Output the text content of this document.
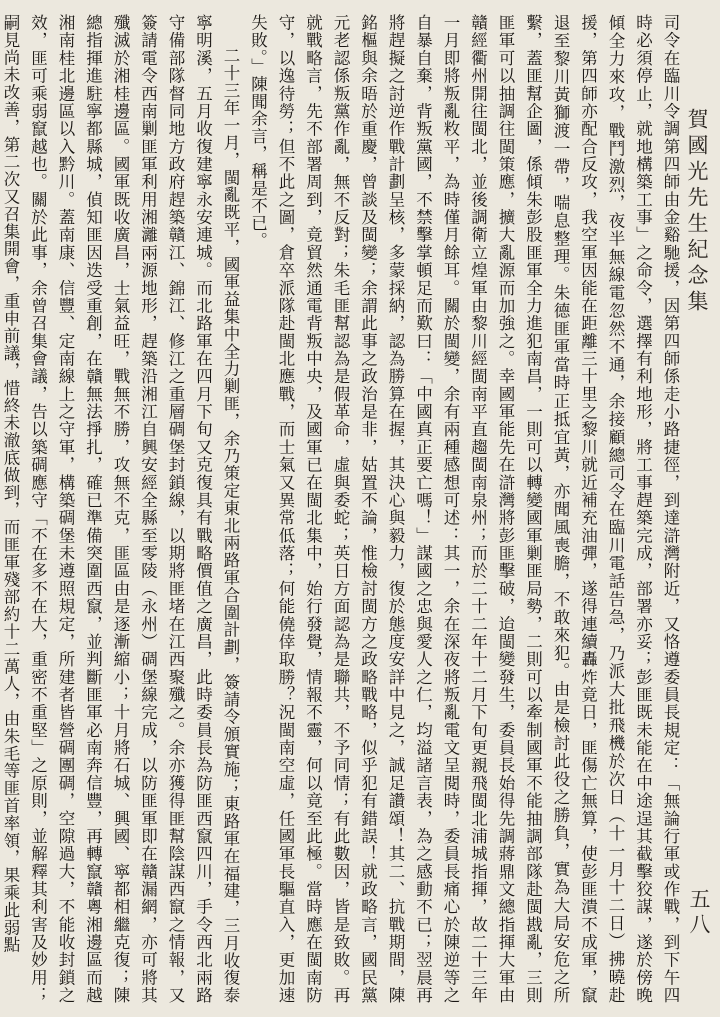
賀國光先生紀念集
五八

司令在臨川令調第四師由金谿馳援，因第四師係走小路捷徑，到達滸灣附近，又恪遵委員長規定：「無論行軍或作戰，到下午四時必須停止，就地構築工事」之命令，選擇有利地形，將工事趕築完成，部署亦妥；彭匪既未能在中途逞其截擊狡謀，遂於傍晚傾全力來攻，戰鬥激烈，夜半無線電忽然不通，余接顧總司令在臨川電話告急，乃派大批飛機於次日（十一月十二日）拂曉赴援，第四師亦配合反攻，我空軍因能在距離三十里之黎川就近補充油彈，遂得連續轟炸竟日，匪傷亡無算，使彭匪潰不成軍，竄退至黎川黃獅渡一帶，喘息整理。朱德匪軍當時正抵宜黃，亦聞風喪膽，不敢來犯。由是檢討此役之勝負，實為大局安危之所繫，蓋匪幫企圖，係傾朱彭股匪軍全力進犯南昌，一則可以轉變國軍剿匪局勢，二則可以牽制國軍不能抽調部隊赴閩戡亂，三則匪軍可以抽調往閩策應，擴大亂源而加強之。幸國軍能先在滸灣將彭匪擊破，迨閩變發生，委員長始得先調蔣鼎文總指揮大軍由贛經衢州開往閩北，並後調衛立煌軍由黎川經閩南平直趨閩南泉州；而於二十二年十二月下旬更親飛閩北浦城指揮，故二十三年一月即將叛亂敉平，為時僅月餘耳。關於閩變，余有兩種感想可述：其一，余在深夜將叛亂電文呈閱時，委員長痛心於陳逆等之自暴自棄，背叛黨國，不禁擊掌頓足而歎曰：「中國真正要亡嗎！」謀國之忠與愛人之仁，均溢諸言表，為之感動不已；翌晨再將趕擬之討逆作戰計劃呈核，多蒙採納，認為勝算在握，其決心與毅力，復於態度安詳中見之，誠足讚頌！其二、抗戰期間，陳銘樞與余晤於重慶，曾談及閩變；余謂此事之政治是非，姑置不論，惟檢討閩方之政略戰略，似乎犯有錯誤！就政略言，國民黨元老認係叛黨作亂，無不反對；朱毛匪幫認為是假革命，虛與委蛇；英日方面認為是聯共，不予同情；有此數因，皆是致敗。再就戰略言，先不部署周到，竟貿然通電背叛中央，及國軍已在閩北集中，始行發覺，情報不靈，何以竟至此極。當時應在閩南防守，以逸待勞；但不此之圖，倉卒派隊赴閩北應戰，而士氣又異常低落；何能僥倖取勝？況閩南空虛，任國軍長驅直入，更加速失敗。」陳聞余言，稱是不已。

二十三年一月，閩亂既平，國軍益集中全力剿匪，余乃策定東北兩路軍合圍計劃，簽請令頒實施；東路軍在福建，三月收復泰寧明溪，五月收復建寧永安連城。而北路軍在四月下旬又克復具有戰略價值之廣昌，此時委員長為防匪西竄四川，手令西北兩路守備部隊督同地方政府趕築贛江、錦江、修江之重層碉堡封鎖線，以期將匪堵在江西聚殲之。余亦獲得匪幫陰謀西竄之情報，又簽請電令西南剿匪軍利用湘灕兩源地形，趕築沿湘江自興安經全縣至零陵（永州）碉堡線完成，以防匪軍即在贛漏網，亦可將其殲滅於湘桂邊區。國軍既收廣昌，士氣益旺，戰無不勝，攻無不克，匪區由是逐漸縮小；十月將石城、興國、寧都相繼克復；陳總指揮進駐寧都縣城，偵知匪因迭受重創，在贛無法掙扎，確已準備突圍西竄，並判斷匪軍必南奔信豐，再轉竄贛粵湘邊區而越湘南桂北邊區以入黔川。蓋南康、信豐、定南線上之守軍，構築碉堡未遵照規定，所建者皆營碉團碉，空隙過大，不能收封鎖之效，匪可乘弱竄越也。關於此事，余曾召集會議，告以築碉應守「不在多不在大，重密不重堅」之原則，並解釋其利害及妙用；嗣見尚未改善，第二次又召集開會，重申前議，惜終未澈底做到，而匪軍殘部約十二萬人，由朱毛等匪首率領，果乘此弱點
